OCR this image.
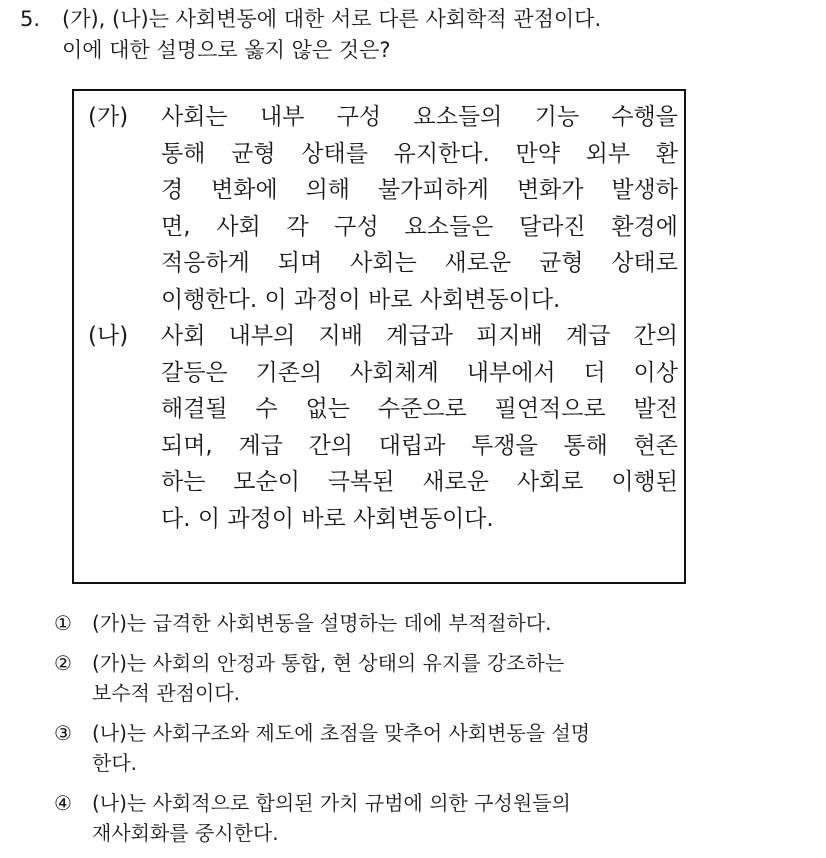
5. (가), (나)는 사회변동에 대한 서로 다른 사회학적 관점이다.
이에 대한 설명으로 옳지 않은 것은?
(가)	사회는 내부 구성 요소들의 기능 수행을
통해 균형 상태를 유지한다. 만약 외부 환
경 변화에 의해 불가피하게 변화가 발생하
면, 사회 각 구성 요소들은 달라진 환경에
적응하게 되며 사회는 새로운 균형 상태로
이행한다. 이 과정이 바로 사회변동이다.
(나)	사회 내부의 지배 계급과 피지배 계급 간의
갈등은 기존의 사회체계 내부에서 더 이상
해결될 수 없는 수준으로 필연적으로 발전
되며, 계급 간의 대립과 투쟁을 통해 현존
하는 모순이 극복된 새로운 사회로 이행된
다. 이 과정이 바로 사회변동이다.
①	(가)는 급격한 사회변동을 설명하는 데에 부적절하다.
②	(가)는 사회의 안정과 통합, 현 상태의 유지를 강조하는
보수적 관점이다.
③	(나)는 사회구조와 제도에 초점을 맞추어 사회변동을 설명
한다.
④	(나)는 사회적으로 합의된 가치 규범에 의한 구성원들의
재사회화를 중시한다.
